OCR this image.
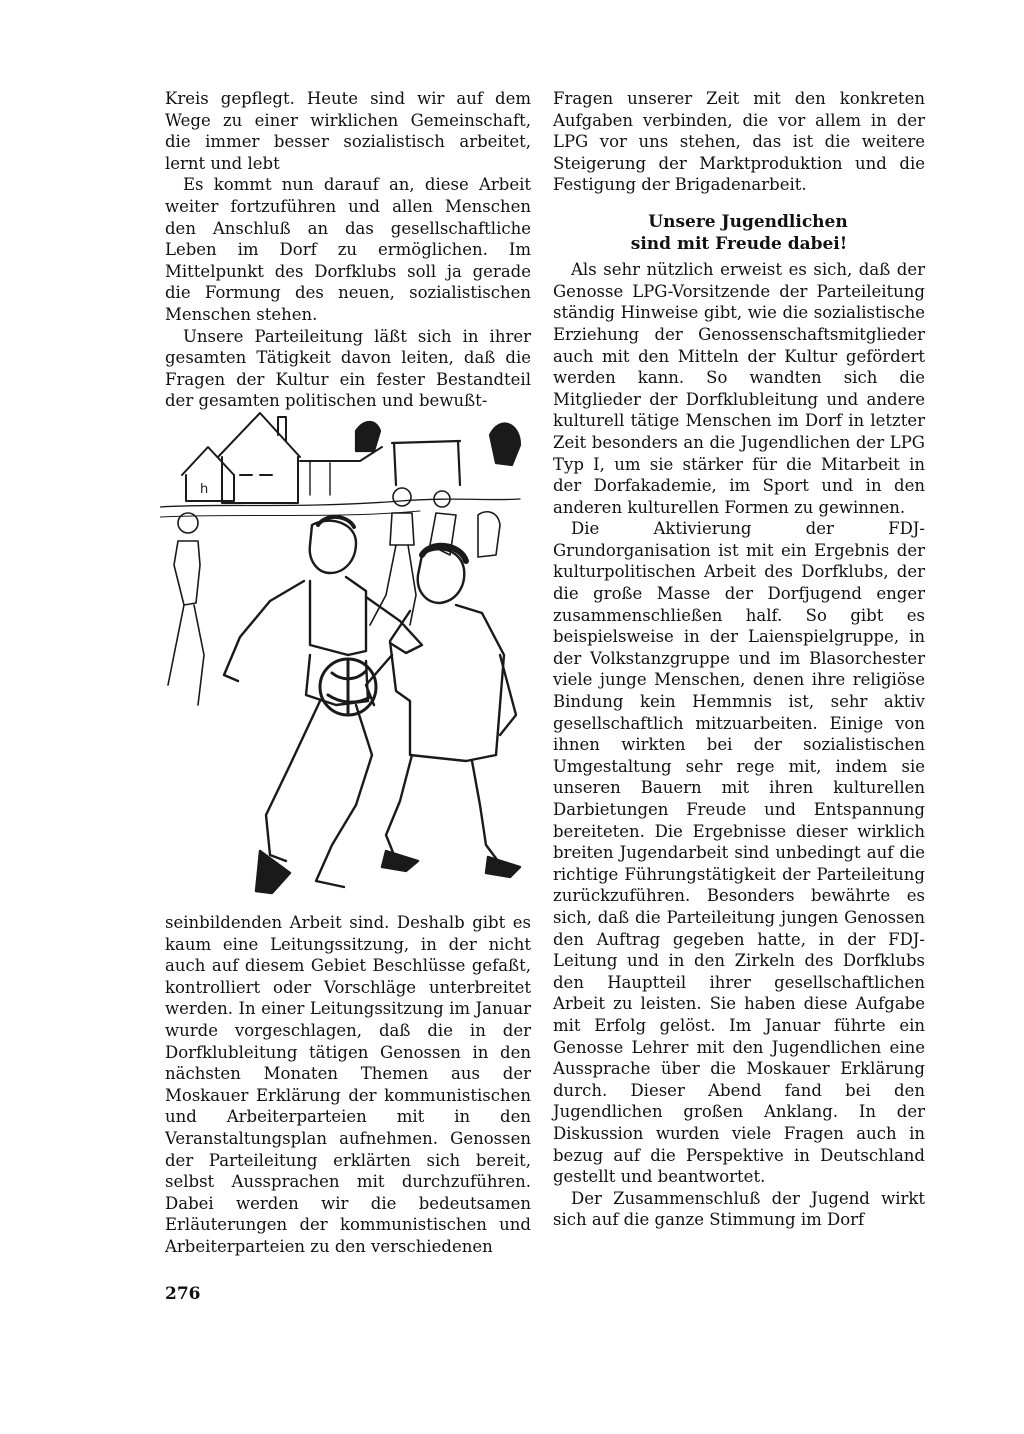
Kreis gepflegt. Heute sind wir auf dem Wege zu einer wirklichen Gemeinschaft, die immer besser sozialistisch arbeitet, lernt und lebt

Es kommt nun darauf an, diese Arbeit weiter fortzuführen und allen Menschen den Anschluß an das gesellschaftliche Leben im Dorf zu ermöglichen. Im Mittelpunkt des Dorfklubs soll ja gerade die Formung des neuen, sozialistischen Menschen stehen.

Unsere Parteileitung läßt sich in ihrer gesamten Tätigkeit davon leiten, daß die Fragen der Kultur ein fester Bestandteil der gesamten politischen und bewußt-

h

seinbildenden Arbeit sind. Deshalb gibt es kaum eine Leitungssitzung, in der nicht auch auf diesem Gebiet Beschlüsse gefaßt, kontrolliert oder Vorschläge unterbreitet werden. In einer Leitungssitzung im Januar wurde vorgeschlagen, daß die in der Dorfklubleitung tätigen Genossen in den nächsten Monaten Themen aus der Moskauer Erklärung der kommunistischen und Arbeiterparteien mit in den Veranstaltungsplan aufnehmen. Genossen der Parteileitung erklärten sich bereit, selbst Aussprachen mit durchzuführen. Dabei werden wir die bedeutsamen Erläuterungen der kommunistischen und Arbeiterparteien zu den verschiedenen

Fragen unserer Zeit mit den konkreten Aufgaben verbinden, die vor allem in der LPG vor uns stehen, das ist die weitere Steigerung der Marktproduktion und die Festigung der Brigadenarbeit.

Unsere Jugendlichen
sind mit Freude dabei!

Als sehr nützlich erweist es sich, daß der Genosse LPG-Vorsitzende der Parteileitung ständig Hinweise gibt, wie die sozialistische Erziehung der Genossenschaftsmitglieder auch mit den Mitteln der Kultur gefördert werden kann. So wandten sich die Mitglieder der Dorfklubleitung und andere kulturell tätige Menschen im Dorf in letzter Zeit besonders an die Jugendlichen der LPG Typ I, um sie stärker für die Mitarbeit in der Dorfakademie, im Sport und in den anderen kulturellen Formen zu gewinnen.

Die Aktivierung der FDJ-Grundorganisation ist mit ein Ergebnis der kulturpolitischen Arbeit des Dorfklubs, der die große Masse der Dorfjugend enger zusammenschließen half. So gibt es beispielsweise in der Laienspielgruppe, in der Volkstanzgruppe und im Blasorchester viele junge Menschen, denen ihre religiöse Bindung kein Hemmnis ist, sehr aktiv gesellschaftlich mitzuarbeiten. Einige von ihnen wirkten bei der sozialistischen Umgestaltung sehr rege mit, indem sie unseren Bauern mit ihren kulturellen Darbietungen Freude und Entspannung bereiteten. Die Ergebnisse dieser wirklich breiten Jugendarbeit sind unbedingt auf die richtige Führungstätigkeit der Parteileitung zurückzuführen. Besonders bewährte es sich, daß die Parteileitung jungen Genossen den Auftrag gegeben hatte, in der FDJ-Leitung und in den Zirkeln des Dorfklubs den Hauptteil ihrer gesellschaftlichen Arbeit zu leisten. Sie haben diese Aufgabe mit Erfolg gelöst. Im Januar führte ein Genosse Lehrer mit den Jugendlichen eine Aussprache über die Moskauer Erklärung durch. Dieser Abend fand bei den Jugendlichen großen Anklang. In der Diskussion wurden viele Fragen auch in bezug auf die Perspektive in Deutschland gestellt und beantwortet.

Der Zusammenschluß der Jugend wirkt sich auf die ganze Stimmung im Dorf

276
